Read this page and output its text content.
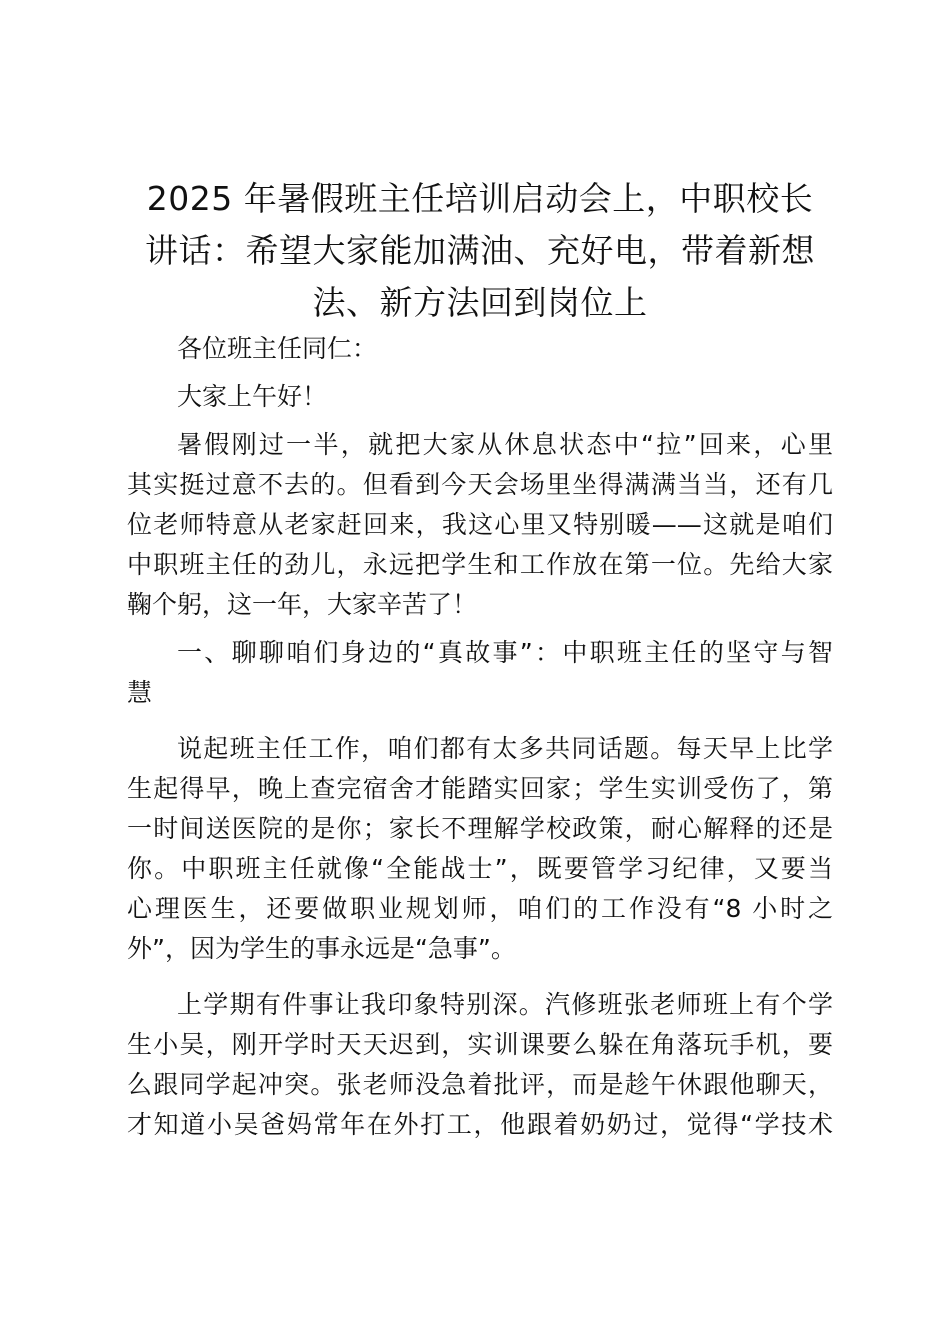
2025 年暑假班主任培训启动会上，中职校长
讲话：希望大家能加满油、充好电，带着新想
法、新方法回到岗位上

各位班主任同仁：

大家上午好！

暑假刚过一半，就把大家从休息状态中“拉”回来，心里
其实挺过意不去的。但看到今天会场里坐得满满当当，还有几
位老师特意从老家赶回来，我这心里又特别暖——这就是咱们
中职班主任的劲儿，永远把学生和工作放在第一位。先给大家
鞠个躬，这一年，大家辛苦了！

一、聊聊咱们身边的“真故事”：中职班主任的坚守与智
慧

说起班主任工作，咱们都有太多共同话题。每天早上比学
生起得早，晚上查完宿舍才能踏实回家；学生实训受伤了，第
一时间送医院的是你；家长不理解学校政策，耐心解释的还是
你。中职班主任就像“全能战士”，既要管学习纪律，又要当
心理医生，还要做职业规划师，咱们的工作没有“8 小时之
外”，因为学生的事永远是“急事”。

上学期有件事让我印象特别深。汽修班张老师班上有个学
生小吴，刚开学时天天迟到，实训课要么躲在角落玩手机，要
么跟同学起冲突。张老师没急着批评，而是趁午休跟他聊天，
才知道小吴爸妈常年在外打工，他跟着奶奶过，觉得“学技术
